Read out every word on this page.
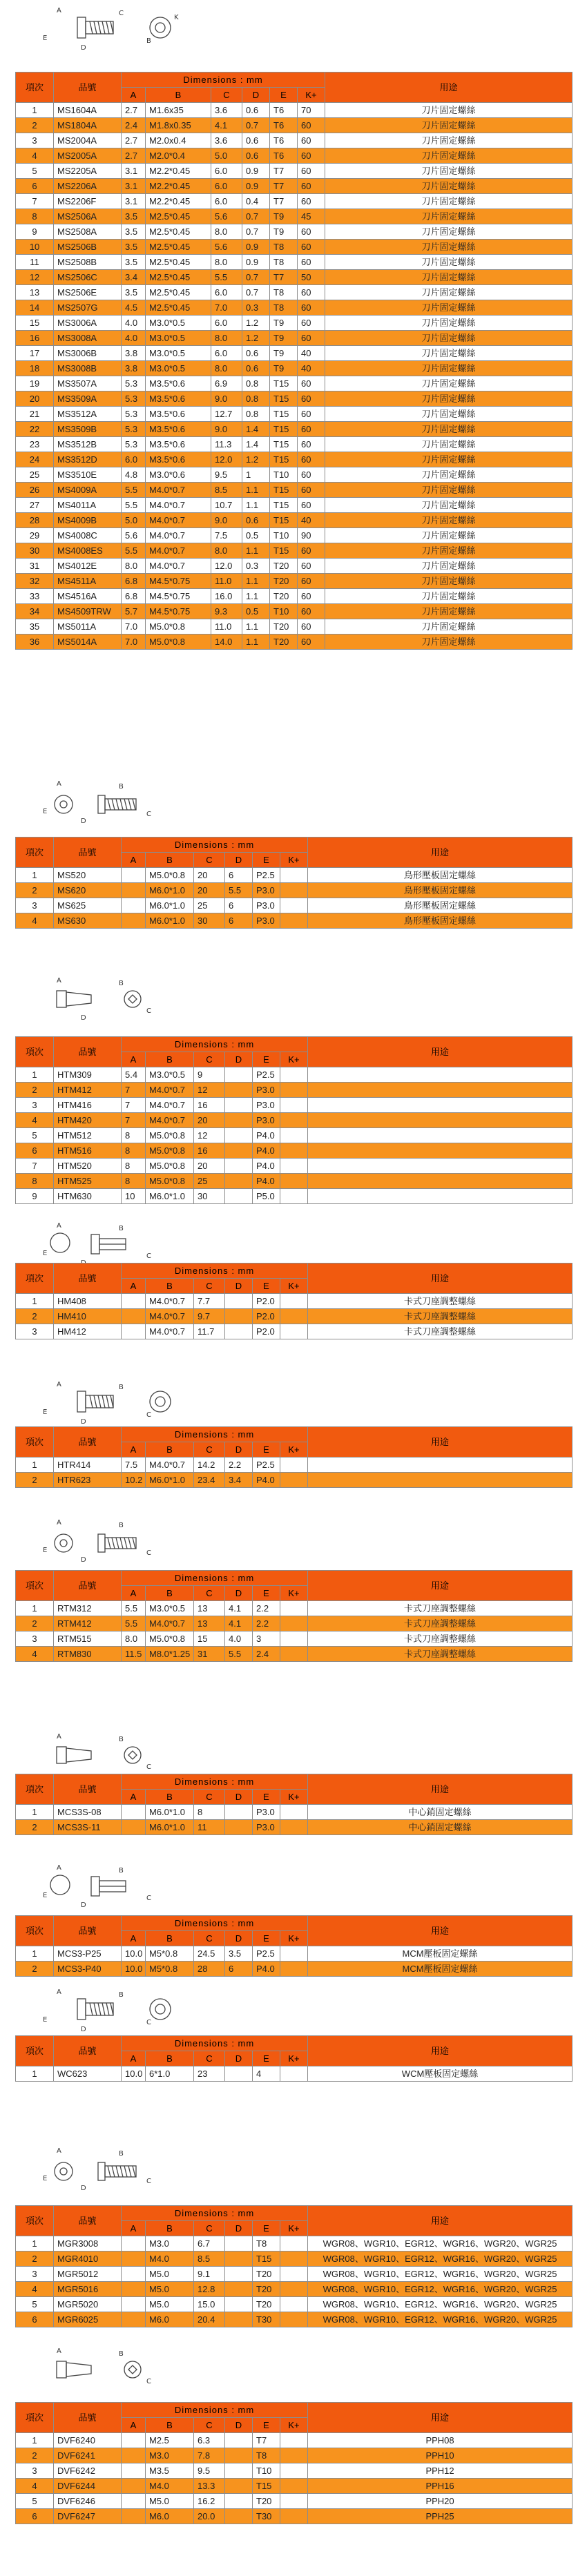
A	C
B
D
E
K
項次	品號	Dimensions : mm						用途
		A	B	C	D	E	K+	
1	MS1604A	2.7	M1.6x35	3.6	0.6	T6	70	刀片固定螺絲
2	MS1804A	2.4	M1.8x0.35	4.1	0.7	T6	60	刀片固定螺絲
3	MS2004A	2.7	M2.0x0.4	3.6	0.6	T6	60	刀片固定螺絲
4	MS2005A	2.7	M2.0*0.4	5.0	0.6	T6	60	刀片固定螺絲
5	MS2205A	3.1	M2.2*0.45	6.0	0.9	T7	60	刀片固定螺絲
6	MS2206A	3.1	M2.2*0.45	6.0	0.9	T7	60	刀片固定螺絲
7	MS2206F	3.1	M2.2*0.45	6.0	0.4	T7	60	刀片固定螺絲
8	MS2506A	3.5	M2.5*0.45	5.6	0.7	T9	45	刀片固定螺絲
9	MS2508A	3.5	M2.5*0.45	8.0	0.7	T9	60	刀片固定螺絲
10	MS2506B	3.5	M2.5*0.45	5.6	0.9	T8	60	刀片固定螺絲
11	MS2508B	3.5	M2.5*0.45	8.0	0.9	T8	60	刀片固定螺絲
12	MS2506C	3.4	M2.5*0.45	5.5	0.7	T7	50	刀片固定螺絲
13	MS2506E	3.5	M2.5*0.45	6.0	0.7	T8	60	刀片固定螺絲
14	MS2507G	4.5	M2.5*0.45	7.0	0.3	T8	60	刀片固定螺絲
15	MS3006A	4.0	M3.0*0.5	6.0	1.2	T9	60	刀片固定螺絲
16	MS3008A	4.0	M3.0*0.5	8.0	1.2	T9	60	刀片固定螺絲
17	MS3006B	3.8	M3.0*0.5	6.0	0.6	T9	40	刀片固定螺絲
18	MS3008B	3.8	M3.0*0.5	8.0	0.6	T9	40	刀片固定螺絲
19	MS3507A	5.3	M3.5*0.6	6.9	0.8	T15	60	刀片固定螺絲
20	MS3509A	5.3	M3.5*0.6	9.0	0.8	T15	60	刀片固定螺絲
21	MS3512A	5.3	M3.5*0.6	12.7	0.8	T15	60	刀片固定螺絲
22	MS3509B	5.3	M3.5*0.6	9.0	1.4	T15	60	刀片固定螺絲
23	MS3512B	5.3	M3.5*0.6	11.3	1.4	T15	60	刀片固定螺絲
24	MS3512D	6.0	M3.5*0.6	12.0	1.2	T15	60	刀片固定螺絲
25	MS3510E	4.8	M3.0*0.6	9.5	1	T10	60	刀片固定螺絲
26	MS4009A	5.5	M4.0*0.7	8.5	1.1	T15	60	刀片固定螺絲
27	MS4011A	5.5	M4.0*0.7	10.7	1.1	T15	60	刀片固定螺絲
28	MS4009B	5.0	M4.0*0.7	9.0	0.6	T15	40	刀片固定螺絲
29	MS4008C	5.6	M4.0*0.7	7.5	0.5	T10	90	刀片固定螺絲
30	MS4008ES	5.5	M4.0*0.7	8.0	1.1	T15	60	刀片固定螺絲
31	MS4012E	8.0	M4.0*0.7	12.0	0.3	T20	60	刀片固定螺絲
32	MS4511A	6.8	M4.5*0.75	11.0	1.1	T20	60	刀片固定螺絲
33	MS4516A	6.8	M4.5*0.75	16.0	1.1	T20	60	刀片固定螺絲
34	MS4509TRW	5.7	M4.5*0.75	9.3	0.5	T10	60	刀片固定螺絲
35	MS5011A	7.0	M5.0*0.8	11.0	1.1	T20	60	刀片固定螺絲
36	MS5014A	7.0	M5.0*0.8	14.0	1.1	T20	60	刀片固定螺絲
A	B
C
D
E
項次	品號	Dimensions : mm						用途
		A	B	C	D	E	K+	
1	MS520		M5.0*0.8	20	6	P2.5		鳥形壓板固定螺絲
2	MS620		M6.0*1.0	20	5.5	P3.0		鳥形壓板固定螺絲
3	MS625		M6.0*1.0	25	6	P3.0		鳥形壓板固定螺絲
4	MS630		M6.0*1.0	30	6	P3.0		鳥形壓板固定螺絲
A	B
C
D
項次	品號	Dimensions : mm						用途
		A	B	C	D	E	K+	
1	HTM309	5.4	M3.0*0.5	9		P2.5		
2	HTM412	7	M4.0*0.7	12		P3.0		
3	HTM416	7	M4.0*0.7	16		P3.0		
4	HTM420	7	M4.0*0.7	20		P3.0		
5	HTM512	8	M5.0*0.8	12		P4.0		
6	HTM516	8	M5.0*0.8	16		P4.0		
7	HTM520	8	M5.0*0.8	20		P4.0		
8	HTM525	8	M5.0*0.8	25		P4.0		
9	HTM630	10	M6.0*1.0	30		P5.0		
A	B
C
E
項次	品號	Dimensions : mm						用途
		A	B	C	D	E	K+	
1	HM408		M4.0*0.7	7.7		P2.0		卡式刀座調整螺絲
2	HM410		M4.0*0.7	9.7		P2.0		卡式刀座調整螺絲
3	HM412		M4.0*0.7	11.7		P2.0		卡式刀座調整螺絲
A	B
C
D
E
項次	品號	Dimensions : mm						用途
		A	B	C	D	E	K+	
1	HTR414	7.5	M4.0*0.7	14.2	2.2	P2.5		
2	HTR623	10.2	M6.0*1.0	23.4	3.4	P4.0		
A	B
C
D
E
項次	品號	Dimensions : mm						用途
		A	B	C	D	E	K+	
1	RTM312	5.5	M3.0*0.5	13	4.1	2.2		卡式刀座調整螺絲
2	RTM412	5.5	M4.0*0.7	13	4.1	2.2		卡式刀座調整螺絲
3	RTM515	8.0	M5.0*0.8	15	4.0	3		卡式刀座調整螺絲
4	RTM830	11.5	M8.0*1.25	31	5.5	2.4		卡式刀座調整螺絲
A	B
C
項次	品號	Dimensions : mm						用途
		A	B	C	D	E	K+	
1	MCS3S-08		M6.0*1.0	8		P3.0		中心銷固定螺絲
2	MCS3S-11		M6.0*1.0	11		P3.0		中心銷固定螺絲
A	B
C
D
E
項次	品號	Dimensions : mm						用途
		A	B	C	D	E	K+	
1	MCS3-P25	10.0	M5*0.8	24.5	3.5	P2.5		MCM壓板固定螺絲
2	MCS3-P40	10.0	M5*0.8	28	6	P4.0		MCM壓板固定螺絲
A	B
C
D
E
項次	品號	Dimensions : mm						用途
		A	B	C	D	E	K+	
1	WC623	10.0	6*1.0	23		4		WCM壓板固定螺絲
A	B
C
D
E
項次	品號	Dimensions : mm						用途
		A	B	C	D	E	K+	
1	MGR3008		M3.0	6.7		T8		WGR08、WGR10、EGR12、WGR16、WGR20、WGR25
2	MGR4010		M4.0	8.5		T15		WGR08、WGR10、EGR12、WGR16、WGR20、WGR25
3	MGR5012		M5.0	9.1		T20		WGR08、WGR10、EGR12、WGR16、WGR20、WGR25
4	MGR5016		M5.0	12.8		T20		WGR08、WGR10、EGR12、WGR16、WGR20、WGR25
5	MGR5020		M5.0	15.0		T20		WGR08、WGR10、EGR12、WGR16、WGR20、WGR25
6	MGR6025		M6.0	20.4		T30		WGR08、WGR10、EGR12、WGR16、WGR20、WGR25
A	B
C
項次	品號	Dimensions : mm						用途
		A	B	C	D	E	K+	
1	DVF6240		M2.5	6.3		T7		PPH08
2	DVF6241		M3.0	7.8		T8		PPH10
3	DVF6242		M3.5	9.5		T10		PPH12
4	DVF6244		M4.0	13.3		T15		PPH16
5	DVF6246		M5.0	16.2		T20		PPH20
6	DVF6247		M6.0	20.0		T30		PPH25
